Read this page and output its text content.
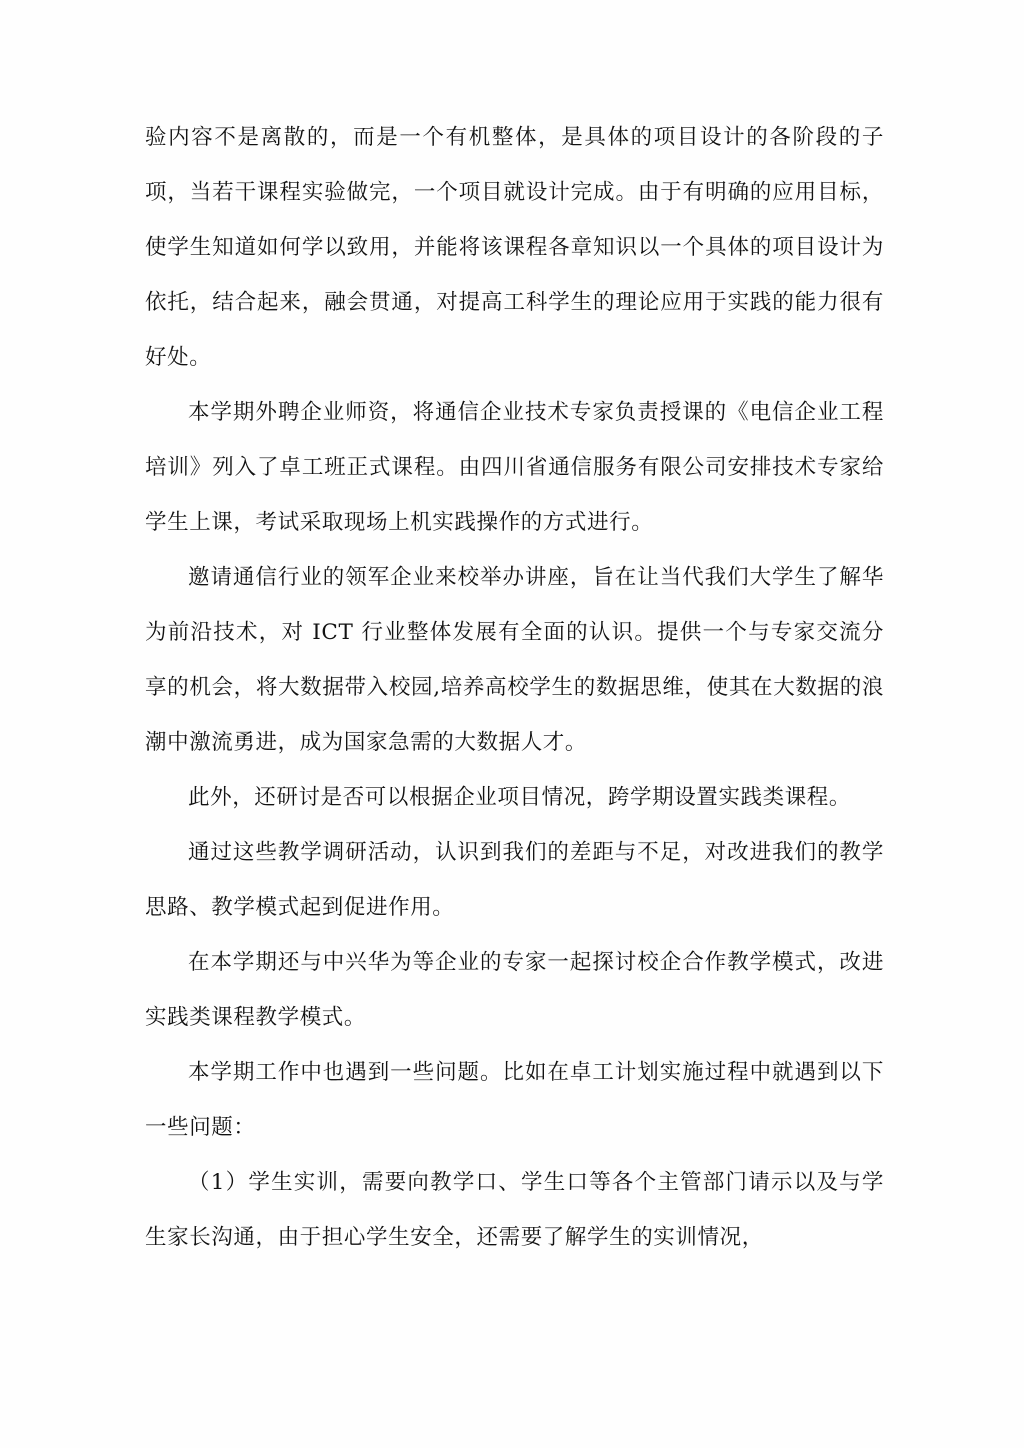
验内容不是离散的，而是一个有机整体，是具体的项目设计的各阶段的子项，当若干课程实验做完，一个项目就设计完成。由于有明确的应用目标，使学生知道如何学以致用，并能将该课程各章知识以一个具体的项目设计为依托，结合起来，融会贯通，对提高工科学生的理论应用于实践的能力很有好处。

本学期外聘企业师资，将通信企业技术专家负责授课的《电信企业工程培训》列入了卓工班正式课程。由四川省通信服务有限公司安排技术专家给学生上课，考试采取现场上机实践操作的方式进行。

邀请通信行业的领军企业来校举办讲座，旨在让当代我们大学生了解华为前沿技术，对 ICT 行业整体发展有全面的认识。提供一个与专家交流分享的机会，将大数据带入校园,培养高校学生的数据思维，使其在大数据的浪潮中激流勇进，成为国家急需的大数据人才。

此外，还研讨是否可以根据企业项目情况，跨学期设置实践类课程。

通过这些教学调研活动，认识到我们的差距与不足，对改进我们的教学思路、教学模式起到促进作用。

在本学期还与中兴华为等企业的专家一起探讨校企合作教学模式，改进实践类课程教学模式。

本学期工作中也遇到一些问题。比如在卓工计划实施过程中就遇到以下一些问题：

（1）学生实训，需要向教学口、学生口等各个主管部门请示以及与学生家长沟通，由于担心学生安全，还需要了解学生的实训情况，
